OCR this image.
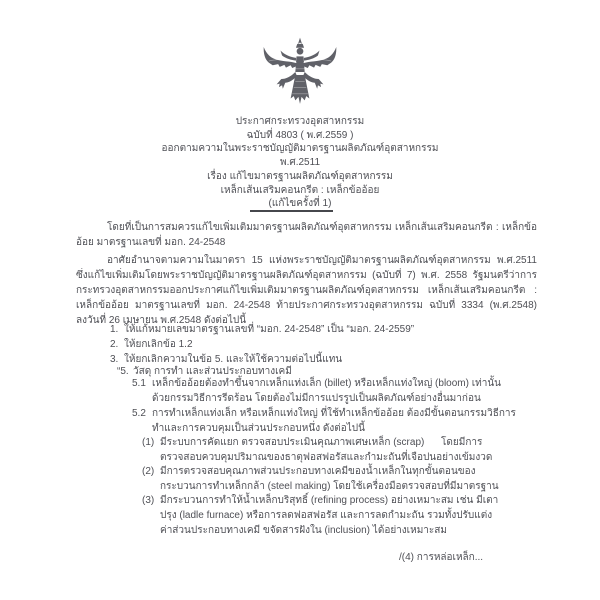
ประกาศกระทรวงอุตสาหกรรม
ฉบับที่ 4803 ( พ.ศ.2559 )
ออกตามความในพระราชบัญญัติมาตรฐานผลิตภัณฑ์อุตสาหกรรม
พ.ศ.2511
เรื่อง แก้ไขมาตรฐานผลิตภัณฑ์อุตสาหกรรม
เหล็กเส้นเสริมคอนกรีต : เหล็กข้ออ้อย
(แก้ไขครั้งที่ 1)
โดยที่เป็นการสมควรแก้ไขเพิ่มเติมมาตรฐานผลิตภัณฑ์อุตสาหกรรม เหล็กเส้นเสริมคอนกรีต : เหล็กข้อ
อ้อย มาตรฐานเลขที่ มอก. 24-2548
อาศัยอำนาจตามความในมาตรา 15 แห่งพระราชบัญญัติมาตรฐานผลิตภัณฑ์อุตสาหกรรม พ.ศ.2511
ซึ่งแก้ไขเพิ่มเติมโดยพระราชบัญญัติมาตรฐานผลิตภัณฑ์อุตสาหกรรม (ฉบับที่ 7) พ.ศ. 2558 รัฐมนตรีว่าการ
กระทรวงอุตสาหกรรมออกประกาศแก้ไขเพิ่มเติมมาตรฐานผลิตภัณฑ์อุตสาหกรรม เหล็กเส้นเสริมคอนกรีต :
เหล็กข้ออ้อย มาตรฐานเลขที่ มอก. 24-2548 ท้ายประกาศกระทรวงอุตสาหกรรม ฉบับที่ 3334 (พ.ศ.2548)
ลงวันที่ 26 เมษายน พ.ศ.2548 ดังต่อไปนี้
1. ให้แก้หมายเลขมาตรฐานเลขที่ “มอก. 24-2548” เป็น “มอก. 24-2559”
2. ให้ยกเลิกข้อ 1.2
3. ให้ยกเลิกความในข้อ 5. และให้ใช้ความต่อไปนี้แทน
“5. วัสดุ การทำ และส่วนประกอบทางเคมี
5.1 เหล็กข้ออ้อยต้องทำขึ้นจากเหล็กแท่งเล็ก (billet) หรือเหล็กแท่งใหญ่ (bloom) เท่านั้น
ด้วยกรรมวิธีการรีดร้อน โดยต้องไม่มีการแปรรูปเป็นผลิตภัณฑ์อย่างอื่นมาก่อน
5.2 การทำเหล็กแท่งเล็ก หรือเหล็กแท่งใหญ่ ที่ใช้ทำเหล็กข้ออ้อย ต้องมีขั้นตอนกรรมวิธีการ
ทำและการควบคุมเป็นส่วนประกอบหนึ่ง ดังต่อไปนี้
(1) มีระบบการคัดแยก ตรวจสอบประเมินคุณภาพเศษเหล็ก (scrap)      โดยมีการ
ตรวจสอบควบคุมปริมาณของธาตุฟอสฟอรัสและกำมะถันที่เจือปนอย่างเข้มงวด
(2) มีการตรวจสอบคุณภาพส่วนประกอบทางเคมีของน้ำเหล็กในทุกขั้นตอนของ
กระบวนการทำเหล็กกล้า (steel making) โดยใช้เครื่องมือตรวจสอบที่มีมาตรฐาน
(3) มีกระบวนการทำให้น้ำเหล็กบริสุทธิ์ (refining process) อย่างเหมาะสม เช่น มีเตา
ปรุง (ladle furnace) หรือการลดฟอสฟอรัส และการลดกำมะถัน รวมทั้งปรับแต่ง
ค่าส่วนประกอบทางเคมี ขจัดสารฝังใน (inclusion) ได้อย่างเหมาะสม
/(4) การหล่อเหล็ก...
